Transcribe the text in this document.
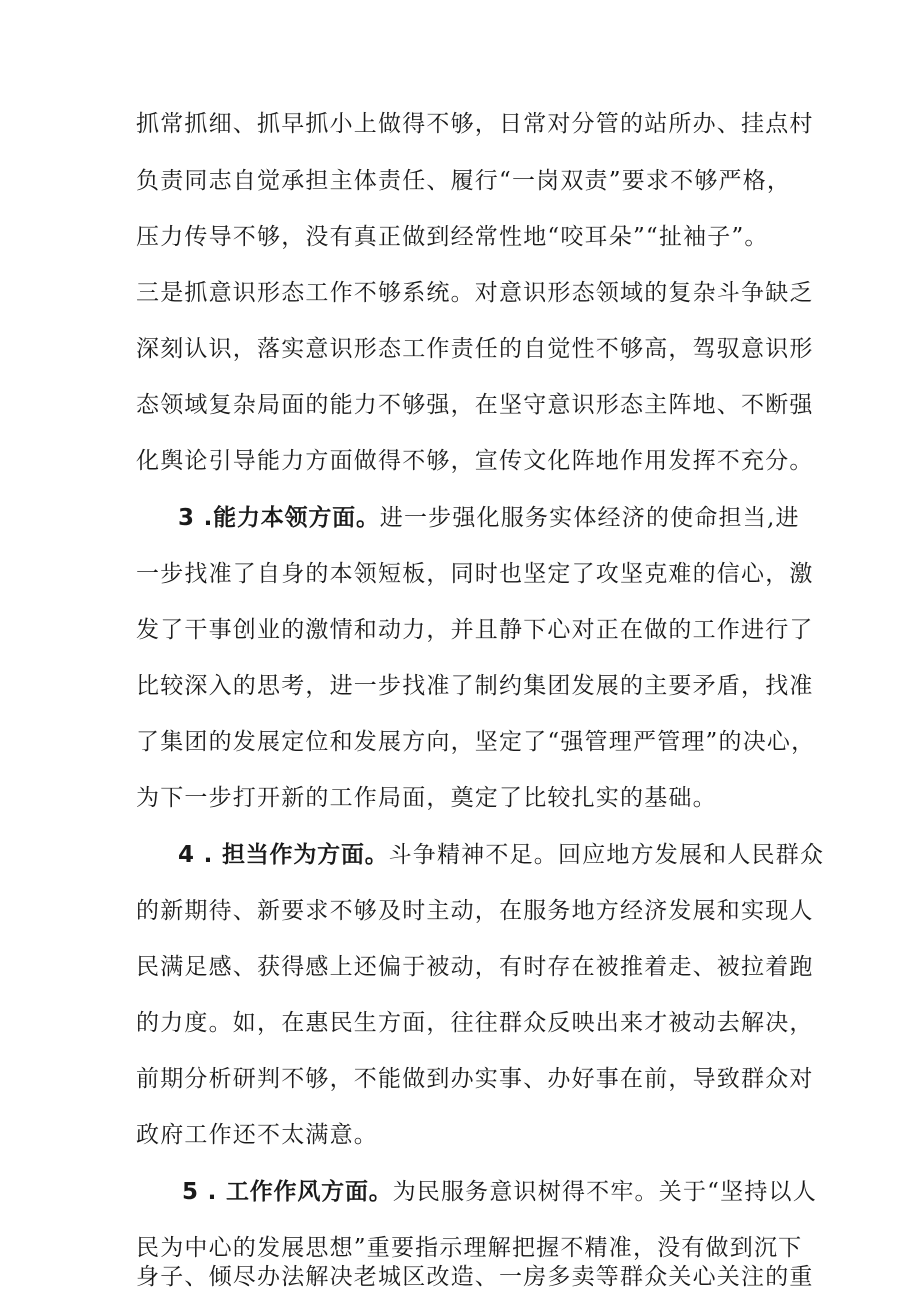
抓常抓细、抓早抓小上做得不够，日常对分管的站所办、挂点村
负责同志自觉承担主体责任、履行“一岗双责”要求不够严格，
压力传导不够，没有真正做到经常性地“咬耳朵”“扯袖子”。
三是抓意识形态工作不够系统。对意识形态领域的复杂斗争缺乏
深刻认识，落实意识形态工作责任的自觉性不够高，驾驭意识形
态领域复杂局面的能力不够强，在坚守意识形态主阵地、不断强
化舆论引导能力方面做得不够，宣传文化阵地作用发挥不充分。
3 .能力本领方面。进一步强化服务实体经济的使命担当,进
一步找准了自身的本领短板，同时也坚定了攻坚克难的信心，激
发了干事创业的激情和动力，并且静下心对正在做的工作进行了
比较深入的思考，进一步找准了制约集团发展的主要矛盾，找准
了集团的发展定位和发展方向，坚定了“强管理严管理”的决心，
为下一步打开新的工作局面，奠定了比较扎实的基础。
4 . 担当作为方面。斗争精神不足。回应地方发展和人民群众
的新期待、新要求不够及时主动，在服务地方经济发展和实现人
民满足感、获得感上还偏于被动，有时存在被推着走、被拉着跑
的力度。如，在惠民生方面，往往群众反映出来才被动去解决，
前期分析研判不够，不能做到办实事、办好事在前，导致群众对
政府工作还不太满意。
5 . 工作作风方面。为民服务意识树得不牢。关于“坚持以人
民为中心的发展思想”重要指示理解把握不精准，没有做到沉下
身子、倾尽办法解决老城区改造、一房多卖等群众关心关注的重
